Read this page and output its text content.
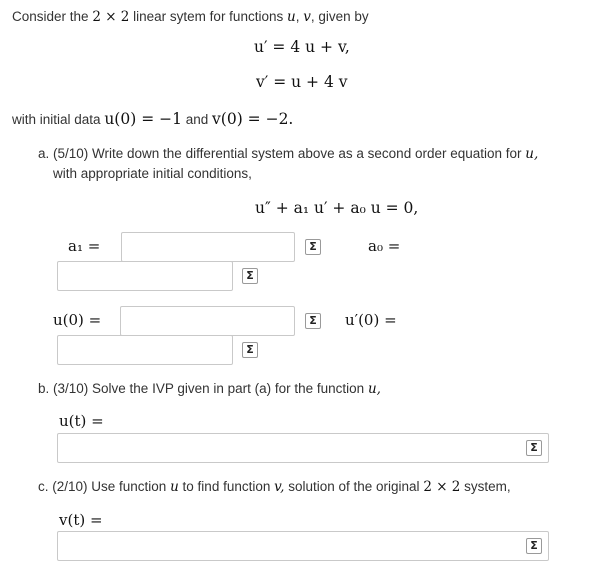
Consider the 2 × 2 linear sytem for functions u, v, given by
u′ = 4 u + v,
v′ = u + 4 v
with initial data u(0) = −1 and v(0) = −2.
a. (5/10) Write down the differential system above as a second order equation for u,
with appropriate initial conditions,
u″ + a₁ u′ + a₀ u = 0,
a₁ =	Σ	a₀ =
Σ
u(0) =	Σ u′(0) =
Σ
b. (3/10) Solve the IVP given in part (a) for the function u,
u(t) =
Σ
c. (2/10) Use function u to find function v, solution of the original 2 × 2 system,
v(t) =
Σ
